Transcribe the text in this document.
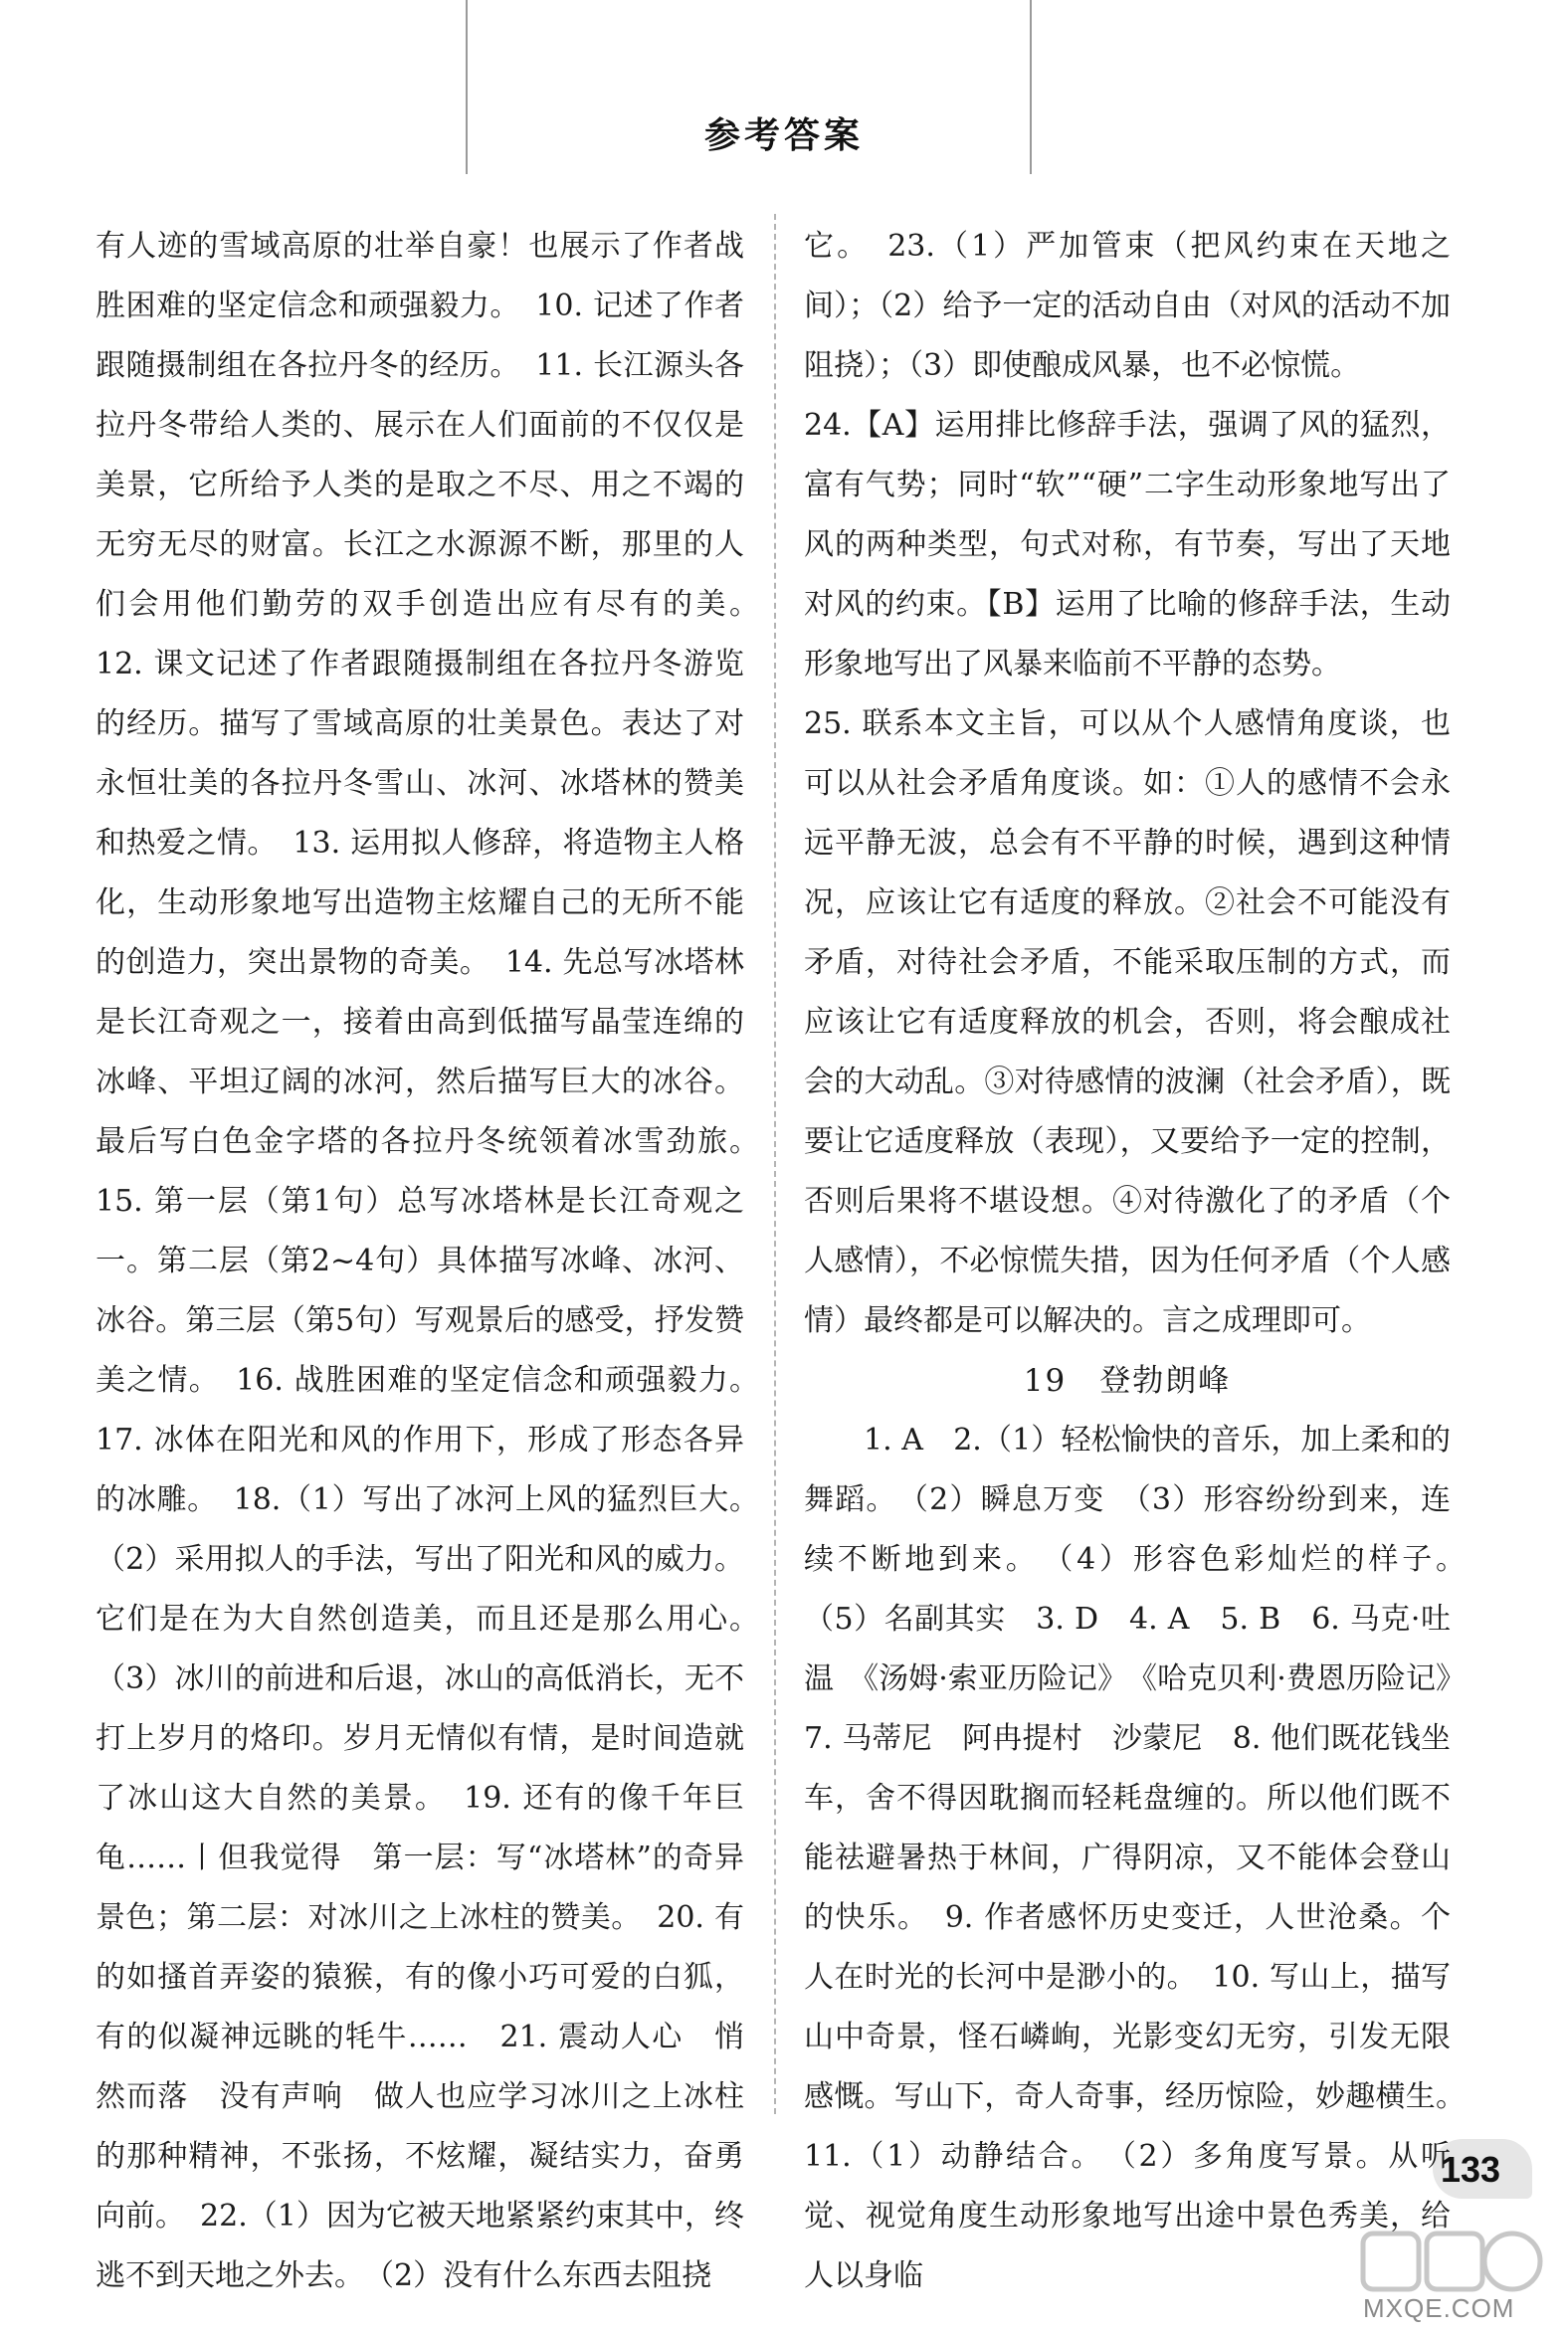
参考答案

有人迹的雪域高原的壮举自豪！也展示了作者战胜困难的坚定信念和顽强毅力。　10. 记述了作者跟随摄制组在各拉丹冬的经历。　11. 长江源头各拉丹冬带给人类的、展示在人们面前的不仅仅是美景，它所给予人类的是取之不尽、用之不竭的无穷无尽的财富。长江之水源源不断，那里的人们会用他们勤劳的双手创造出应有尽有的美。　12. 课文记述了作者跟随摄制组在各拉丹冬游览的经历。描写了雪域高原的壮美景色。表达了对永恒壮美的各拉丹冬雪山、冰河、冰塔林的赞美和热爱之情。　13. 运用拟人修辞，将造物主人格化，生动形象地写出造物主炫耀自己的无所不能的创造力，突出景物的奇美。　14. 先总写冰塔林是长江奇观之一，接着由高到低描写晶莹连绵的冰峰、平坦辽阔的冰河，然后描写巨大的冰谷。最后写白色金字塔的各拉丹冬统领着冰雪劲旅。　15. 第一层（第1句）总写冰塔林是长江奇观之一。第二层（第2~4句）具体描写冰峰、冰河、冰谷。第三层（第5句）写观景后的感受，抒发赞美之情。　16. 战胜困难的坚定信念和顽强毅力。　17. 冰体在阳光和风的作用下，形成了形态各异的冰雕。　18.（1）写出了冰河上风的猛烈巨大。　（2）采用拟人的手法，写出了阳光和风的威力。它们是在为大自然创造美，而且还是那么用心。　（3）冰川的前进和后退，冰山的高低消长，无不打上岁月的烙印。岁月无情似有情，是时间造就了冰山这大自然的美景。　19. 还有的像千年巨龟……丨但我觉得　第一层：写“冰塔林”的奇异景色；第二层：对冰川之上冰柱的赞美。　20. 有的如搔首弄姿的猿猴，有的像小巧可爱的白狐，有的似凝神远眺的牦牛……　21. 震动人心　悄然而落　没有声响　做人也应学习冰川之上冰柱的那种精神，不张扬，不炫耀，凝结实力，奋勇向前。　22.（1）因为它被天地紧紧约束其中，终逃不到天地之外去。　（2）没有什么东西去阻挠

它。　23.（1）严加管束（把风约束在天地之间）；（2）给予一定的活动自由（对风的活动不加阻挠）；（3）即使酿成风暴，也不必惊慌。

24.【A】运用排比修辞手法，强调了风的猛烈，富有气势；同时“软”“硬”二字生动形象地写出了风的两种类型，句式对称，有节奏，写出了天地对风的约束。【B】运用了比喻的修辞手法，生动形象地写出了风暴来临前不平静的态势。

25. 联系本文主旨，可以从个人感情角度谈，也可以从社会矛盾角度谈。如：①人的感情不会永远平静无波，总会有不平静的时候，遇到这种情况，应该让它有适度的释放。②社会不可能没有矛盾，对待社会矛盾，不能采取压制的方式，而应该让它有适度释放的机会，否则，将会酿成社会的大动乱。③对待感情的波澜（社会矛盾），既要让它适度释放（表现），又要给予一定的控制，否则后果将不堪设想。④对待激化了的矛盾（个人感情），不必惊慌失措，因为任何矛盾（个人感情）最终都是可以解决的。言之成理即可。

19　登勃朗峰

1. A　2.（1）轻松愉快的音乐，加上柔和的舞蹈。　（2）瞬息万变　（3）形容纷纷到来，连续不断地到来。　（4）形容色彩灿烂的样子。　（5）名副其实　3. D　4. A　5. B　6. 马克·吐温　《汤姆·索亚历险记》　《哈克贝利·费恩历险记》　7. 马蒂尼　阿冉提村　沙蒙尼　8. 他们既花钱坐车，舍不得因耽搁而轻耗盘缠的。所以他们既不能祛避暑热于林间，广得阴凉，又不能体会登山的快乐。　9. 作者感怀历史变迁，人世沧桑。个人在时光的长河中是渺小的。　10. 写山上，描写山中奇景，怪石嶙峋，光影变幻无穷，引发无限感慨。写山下，奇人奇事，经历惊险，妙趣横生。　11.（1）动静结合。　（2）多角度写景。从听觉、视觉角度生动形象地写出途中景色秀美，给人以身临

133
MXQE.COM
